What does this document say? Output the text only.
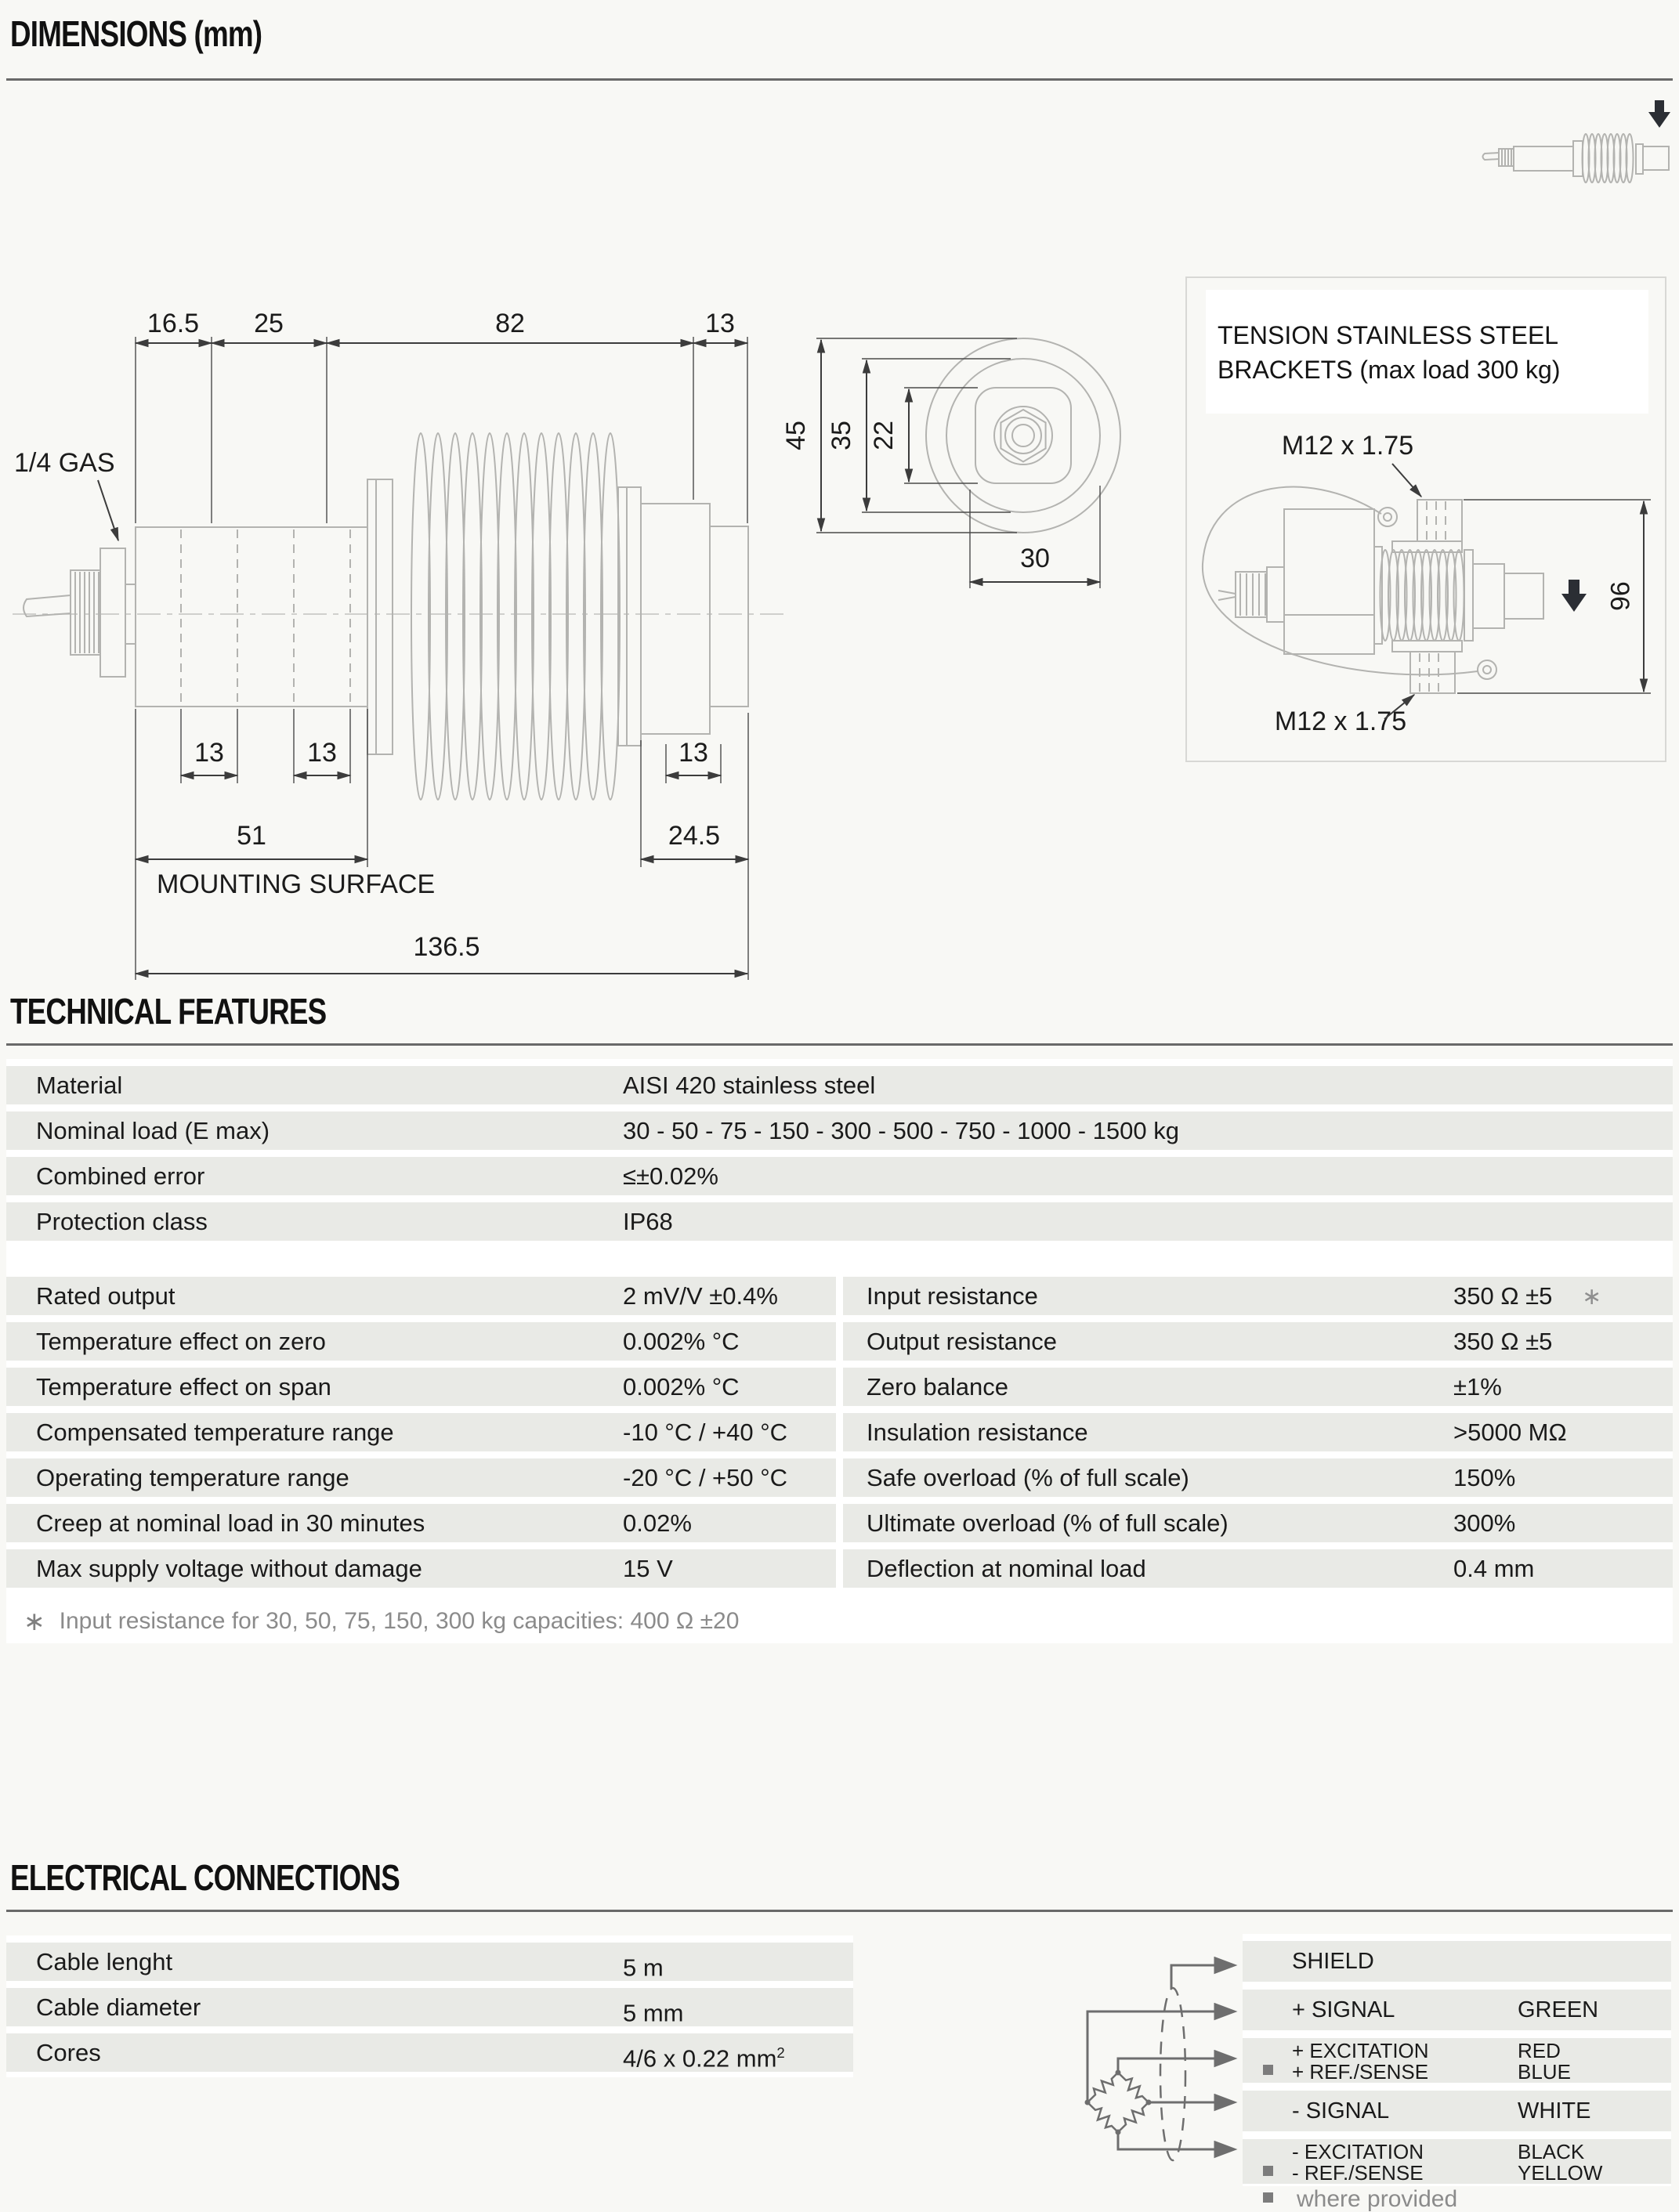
DIMENSIONS (mm)
16.5 25	82	13
1/4 GAS
13	13	13
51	24.5
MOUNTING SURFACE
136.5
45 35 22
30
TENSION STAINLESS STEEL
BRACKETS (max load 300 kg)
M12 x 1.75
M12 x 1.75
96
TECHNICAL FEATURES
Material	AISI 420 stainless steel
Nominal load (E max)	30 - 50 - 75 - 150 - 300 - 500 - 750 - 1000 - 1500 kg
Combined error	≤±0.02%
Protection class	IP68
Rated output	2 mV/V ±0.4%
Temperature effect on zero	0.002% °C
Temperature effect on span	0.002% °C
Compensated temperature range	-10 °C / +40 °C
Operating temperature range	-20 °C / +50 °C
Creep at nominal load in 30 minutes	0.02%
Max supply voltage without damage	15 V
Input resistance	350 Ω ±5 ∗
Output resistance	350 Ω ±5
Zero balance	±1%
Insulation resistance	>5000 MΩ
Safe overload (% of full scale)	150%
Ultimate overload (% of full scale)	300%
Deflection at nominal load	0.4 mm
∗ Input resistance for 30, 50, 75, 150, 300 kg capacities: 400 Ω ±20
ELECTRICAL CONNECTIONS
Cable lenght	5 m
Cable diameter	5 mm
Cores	4/6 x 0.22 $mm^2$
SHIELD
+ SIGNAL	GREEN
+ EXCITATION	RED
+ REF./SENSE	BLUE
- SIGNAL	WHITE
- EXCITATION	BLACK
- REF./SENSE	YELLOW
where provided
